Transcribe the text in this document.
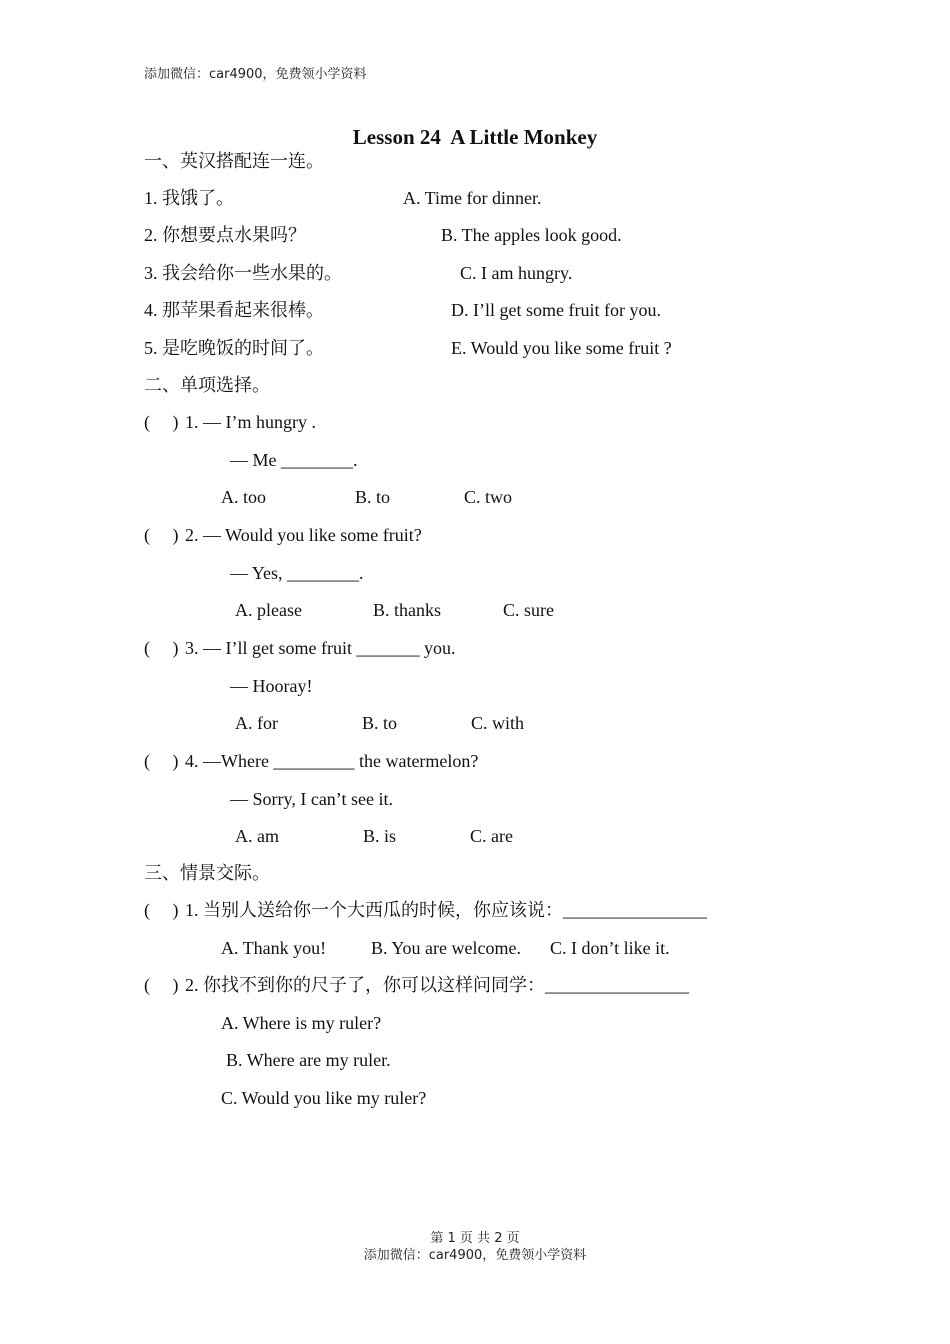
添加微信：car4900，免费领小学资料
Lesson 24  A Little Monkey
一、英汉搭配连一连。
1. 我饿了。	A. Time for dinner.
2. 你想要点水果吗？	B. The apples look good.
3. 我会给你一些水果的。	C. I am hungry.
4. 那苹果看起来很棒。	D. I’ll get some fruit for you.
5. 是吃晚饭的时间了。	E. Would you like some fruit ?
二、单项选择。
(     ) 1. — I’m hungry .
— Me ________.
A. too	B. to	C. two
(     ) 2. — Would you like some fruit?
— Yes, ________.
A. please	B. thanks	C. sure
(     ) 3. — I’ll get some fruit _______ you.
— Hooray!
A. for	B. to	C. with
(     ) 4. —Where _________ the watermelon?
— Sorry, I can’t see it.
A. am	B. is	C. are
三、情景交际。
(     ) 1. 当别人送给你一个大西瓜的时候，你应该说：________________
A. Thank you! B. You are welcome. C. I don’t like it.
(     ) 2. 你找不到你的尺子了，你可以这样问同学：________________
A. Where is my ruler?
B. Where are my ruler.
C. Would you like my ruler?
第 1 页 共 2 页
添加微信：car4900，免费领小学资料
